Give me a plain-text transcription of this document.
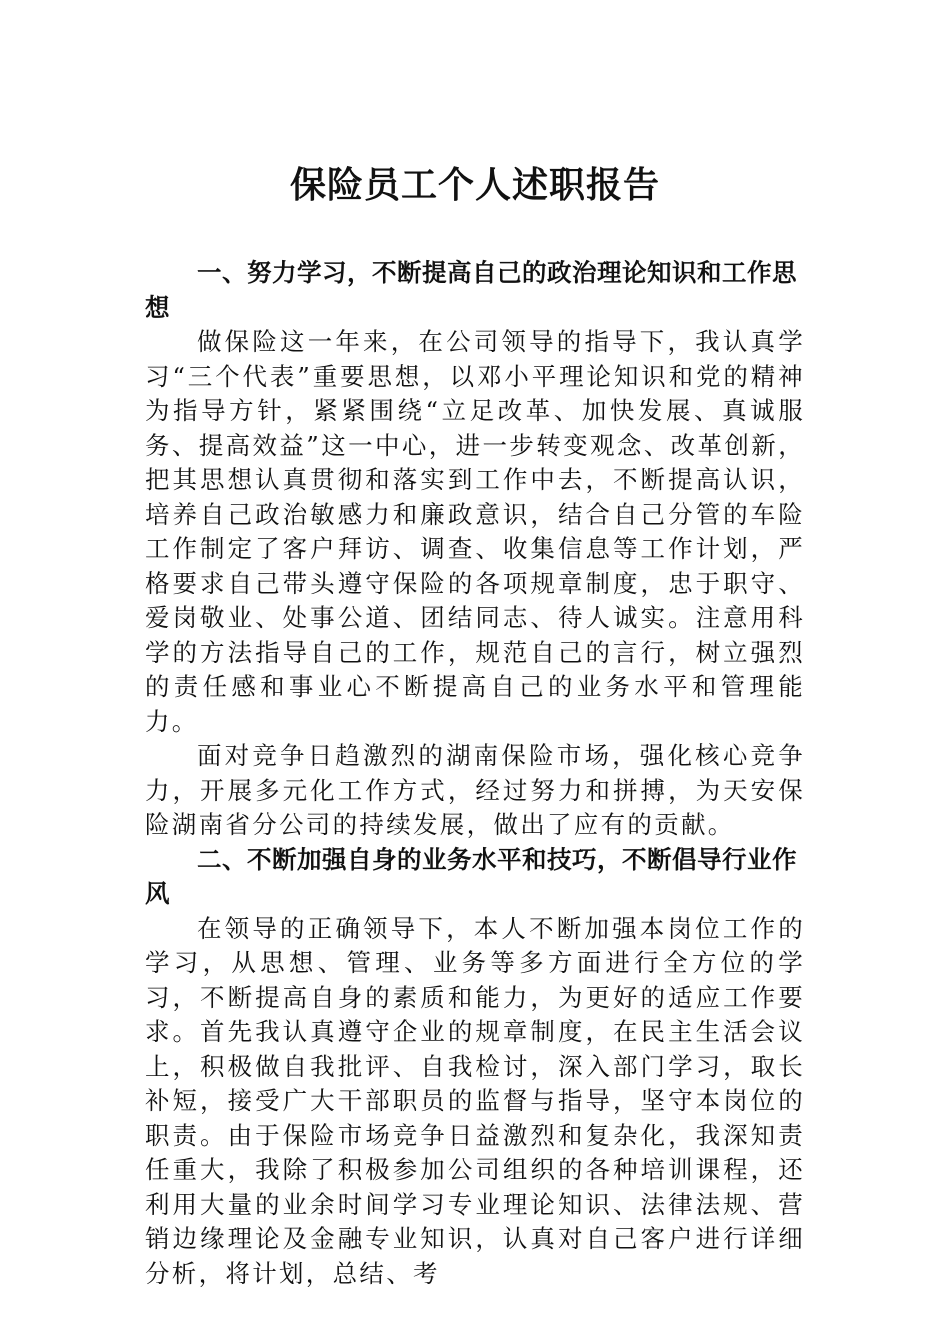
保险员工个人述职报告

一、努力学习，不断提高自己的政治理论知识和工作思想

做保险这一年来，在公司领导的指导下，我认真学习“三个代表”重要思想，以邓小平理论知识和党的精神为指导方针，紧紧围绕“立足改革、加快发展、真诚服务、提高效益”这一中心，进一步转变观念、改革创新，把其思想认真贯彻和落实到工作中去，不断提高认识，培养自己政治敏感力和廉政意识，结合自己分管的车险工作制定了客户拜访、调查、收集信息等工作计划，严格要求自己带头遵守保险的各项规章制度，忠于职守、爱岗敬业、处事公道、团结同志、待人诚实。注意用科学的方法指导自己的工作，规范自己的言行，树立强烈的责任感和事业心不断提高自己的业务水平和管理能力。

面对竞争日趋激烈的湖南保险市场，强化核心竞争力，开展多元化工作方式，经过努力和拼搏，为天安保险湖南省分公司的持续发展，做出了应有的贡献。

二、不断加强自身的业务水平和技巧，不断倡导行业作风

在领导的正确领导下，本人不断加强本岗位工作的学习，从思想、管理、业务等多方面进行全方位的学习，不断提高自身的素质和能力，为更好的适应工作要求。首先我认真遵守企业的规章制度，在民主生活会议上，积极做自我批评、自我检讨，深入部门学习，取长补短，接受广大干部职员的监督与指导，坚守本岗位的职责。由于保险市场竞争日益激烈和复杂化，我深知责任重大，我除了积极参加公司组织的各种培训课程，还利用大量的业余时间学习专业理论知识、法律法规、营销边缘理论及金融专业知识，认真对自己客户进行详细分析，将计划，总结、考
